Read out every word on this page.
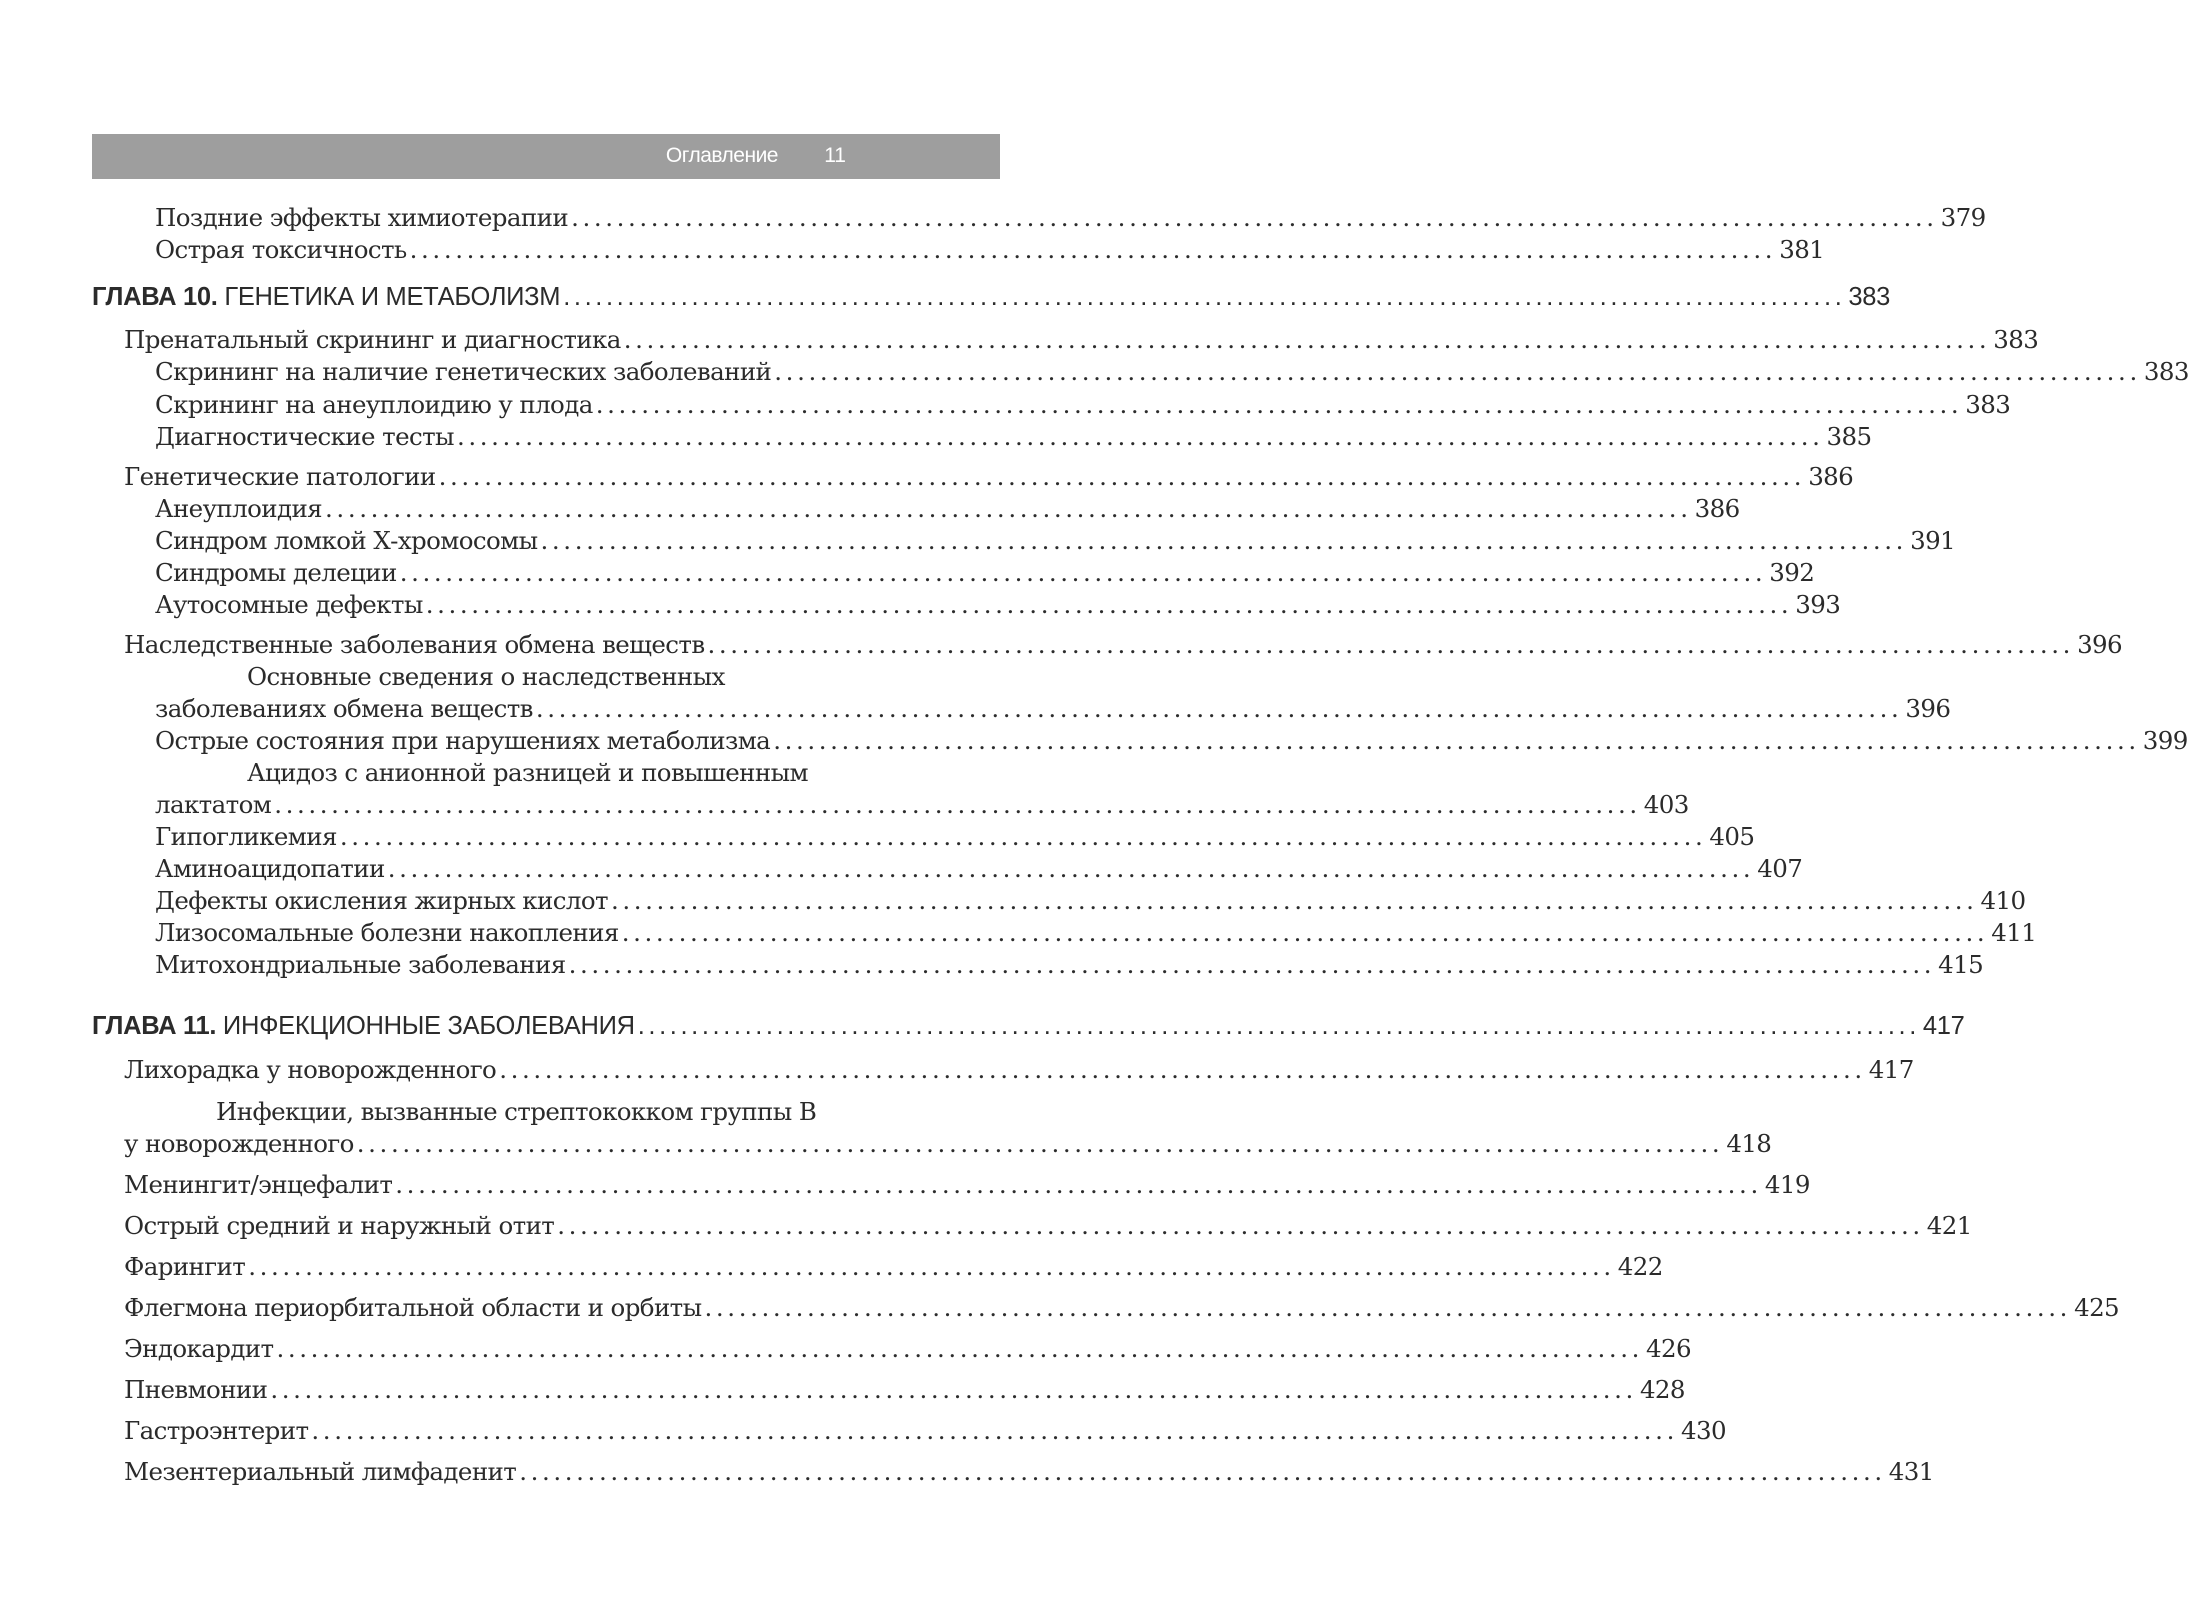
Оглавление 11
Поздние эффекты химиотерапии ........................................................................................................................ 379
Острая токсичность ........................................................................................................................ 381
ГЛАВА 10. ГЕНЕТИКА И МЕТАБОЛИЗМ ........................................................................................................................ 383
Пренатальный скрининг и диагностика ........................................................................................................................ 383
Скрининг на наличие генетических заболеваний ........................................................................................................................ 383
Скрининг на анеуплоидию у плода ........................................................................................................................ 383
Диагностические тесты ........................................................................................................................ 385
Генетические патологии ........................................................................................................................ 386
Анеуплоидия ........................................................................................................................ 386
Синдром ломкой Х-хромосомы ........................................................................................................................ 391
Синдромы делеции ........................................................................................................................ 392
Аутосомные дефекты ........................................................................................................................ 393
Наследственные заболевания обмена веществ ........................................................................................................................ 396
Основные сведения о наследственных
заболеваниях обмена веществ ........................................................................................................................ 396
Острые состояния при нарушениях метаболизма ........................................................................................................................ 399
Ацидоз с анионной разницей и повышенным
лактатом ........................................................................................................................ 403
Гипогликемия ........................................................................................................................ 405
Аминоацидопатии ........................................................................................................................ 407
Дефекты окисления жирных кислот ........................................................................................................................ 410
Лизосомальные болезни накопления ........................................................................................................................ 411
Митохондриальные заболевания ........................................................................................................................ 415
ГЛАВА 11. ИНФЕКЦИОННЫЕ ЗАБОЛЕВАНИЯ ........................................................................................................................ 417
Лихорадка у новорожденного ........................................................................................................................ 417
Инфекции, вызванные стрептококком группы В
у новорожденного ........................................................................................................................ 418
Менингит/энцефалит ........................................................................................................................ 419
Острый средний и наружный отит ........................................................................................................................ 421
Фарингит ........................................................................................................................ 422
Флегмона периорбитальной области и орбиты ........................................................................................................................ 425
Эндокардит ........................................................................................................................ 426
Пневмонии ........................................................................................................................ 428
Гастроэнтерит ........................................................................................................................ 430
Мезентериальный лимфаденит ........................................................................................................................ 431
